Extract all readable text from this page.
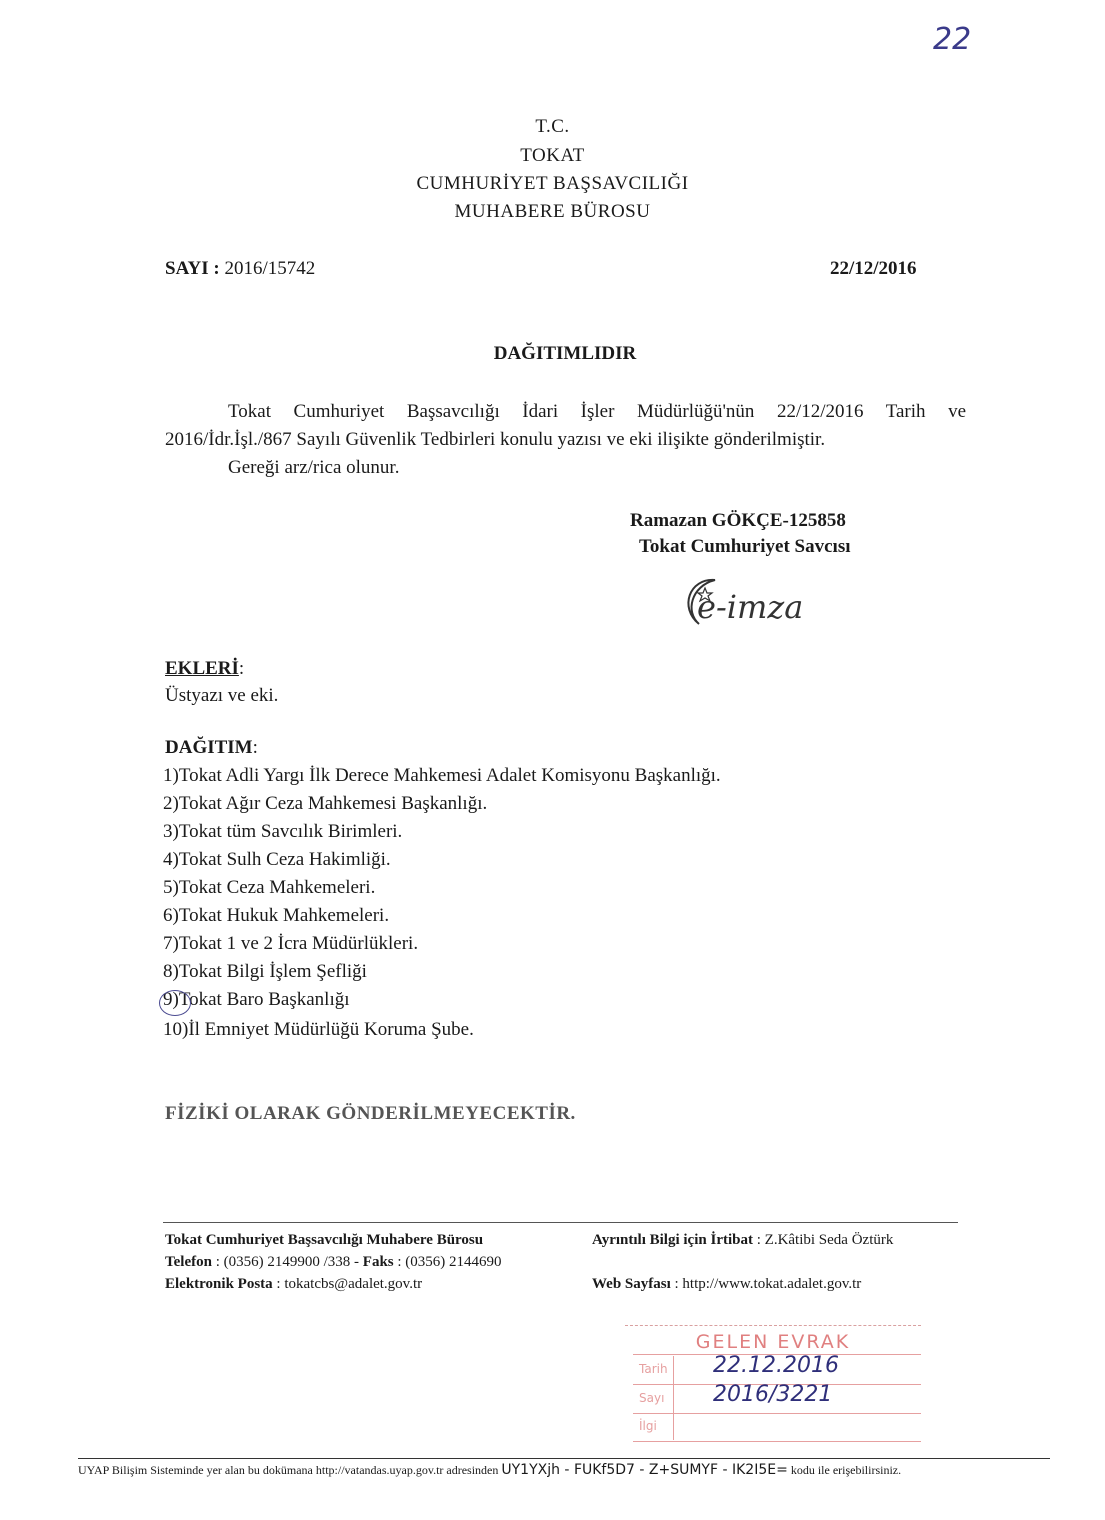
22
T.C.
TOKAT
CUMHURİYET BAŞSAVCILIĞI
MUHABERE BÜROSU
SAYI : 2016/15742	22/12/2016
DAĞITIMLIDIR
Tokat Cumhuriyet Başsavcılığı İdari İşler Müdürlüğü'nün 22/12/2016 Tarih ve
2016/İdr.İşl./867 Sayılı Güvenlik Tedbirleri konulu yazısı ve eki ilişikte gönderilmiştir.
Gereği arz/rica olunur.
Ramazan GÖKÇE-125858
Tokat Cumhuriyet Savcısı
e-imza
EKLERİ:
Üstyazı ve eki.
DAĞITIM:
1)Tokat Adli Yargı İlk Derece Mahkemesi Adalet Komisyonu Başkanlığı.
2)Tokat Ağır Ceza Mahkemesi Başkanlığı.
3)Tokat tüm Savcılık Birimleri.
4)Tokat Sulh Ceza Hakimliği.
5)Tokat Ceza Mahkemeleri.
6)Tokat Hukuk Mahkemeleri.
7)Tokat 1 ve 2 İcra Müdürlükleri.
8)Tokat Bilgi İşlem Şefliği
9)Tokat Baro Başkanlığı
10)İl Emniyet Müdürlüğü Koruma Şube.
FİZİKİ OLARAK GÖNDERİLMEYECEKTİR.
Tokat Cumhuriyet Başsavcılığı Muhabere Bürosu
Telefon : (0356) 2149900 /338 - Faks : (0356) 2144690
Elektronik Posta : tokatcbs@adalet.gov.tr
Ayrıntılı Bilgi için İrtibat : Z.Kâtibi Seda Öztürk
Web Sayfası : http://www.tokat.adalet.gov.tr
GELEN EVRAK
Tarih 22.12.2016
Sayı 2016/3221
İlgi
UYAP Bilişim Sisteminde yer alan bu dokümana http://vatandas.uyap.gov.tr adresinden UY1YXjh - FUKf5D7 - Z+SUMYF - IK2I5E= kodu ile erişebilirsiniz.
